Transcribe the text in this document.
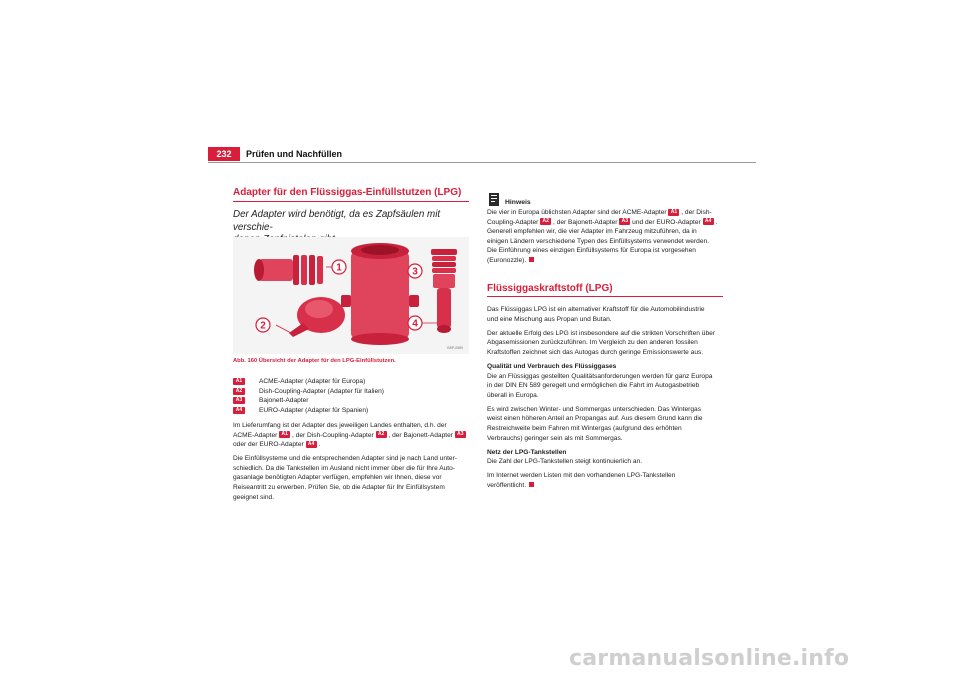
232	Prüfen und Nachfüllen
Adapter für den Flüssiggas-Einfüllstutzen (LPG)
Der Adapter wird benötigt, da es Zapfsäulen mit verschie-
1
2
3
4
B5P-0589
Abb. 160 Übersicht der Adapter für den LPG-Einfüllstutzen.
A1	ACME-Adapter (Adapter für Europa)
A2	Dish-Coupling-Adapter (Adapter für Italien)
A3	Bajonett-Adapter
A4	EURO-Adapter (Adapter für Spanien)

Im Lieferumfang ist der Adapter des jeweiligen Landes enthalten, d.h. der
ACME-Adapter A1 , der Dish-Coupling-Adapter A2 , der Bajonett-Adapter A3
oder der EURO-Adapter A4 .

Die Einfüllsysteme und die entsprechenden Adapter sind je nach Land unter-
schiedlich. Da die Tankstellen im Ausland nicht immer über die für Ihre Auto-
gasanlage benötigten Adapter verfügen, empfehlen wir Ihnen, diese vor
Reiseantritt zu erwerben. Prüfen Sie, ob die Adapter für Ihr Einfüllsystem
geeignet sind.

Hinweis

Die vier in Europa üblichsten Adapter sind der ACME-Adapter A1 , der Dish-
Coupling-Adapter A2 , der Bajonett-Adapter A3 und der EURO-Adapter A4 .
Generell empfehlen wir, die vier Adapter im Fahrzeug mitzuführen, da in
einigen Ländern verschiedene Typen des Einfüllsystems verwendet werden.
Die Einführung eines einzigen Einfüllsystems für Europa ist vorgesehen
(Euronozzle).

Flüssiggaskraftstoff (LPG)

Das Flüssiggas LPG ist ein alternativer Kraftstoff für die Automobilindustrie
und eine Mischung aus Propan und Butan.

Der aktuelle Erfolg des LPG ist insbesondere auf die strikten Vorschriften über
Abgasemissionen zurückzuführen. Im Vergleich zu den anderen fossilen
Kraftstoffen zeichnet sich das Autogas durch geringe Emissionswerte aus.

Qualität und Verbrauch des Flüssiggases
Die an Flüssiggas gestellten Qualitätsanforderungen werden für ganz Europa
in der DIN EN 589 geregelt und ermöglichen die Fahrt im Autogasbetrieb
überall in Europa.

Es wird zwischen Winter- und Sommergas unterschieden. Das Wintergas
weist einen höheren Anteil an Propangas auf. Aus diesem Grund kann die
Restreichweite beim Fahren mit Wintergas (aufgrund des erhöhten
Verbrauchs) geringer sein als mit Sommergas.

Netz der LPG-Tankstellen
Die Zahl der LPG-Tankstellen steigt kontinuierlich an.

Im Internet werden Listen mit den vorhandenen LPG-Tankstellen
veröffentlicht.

carmanualsonline.info
